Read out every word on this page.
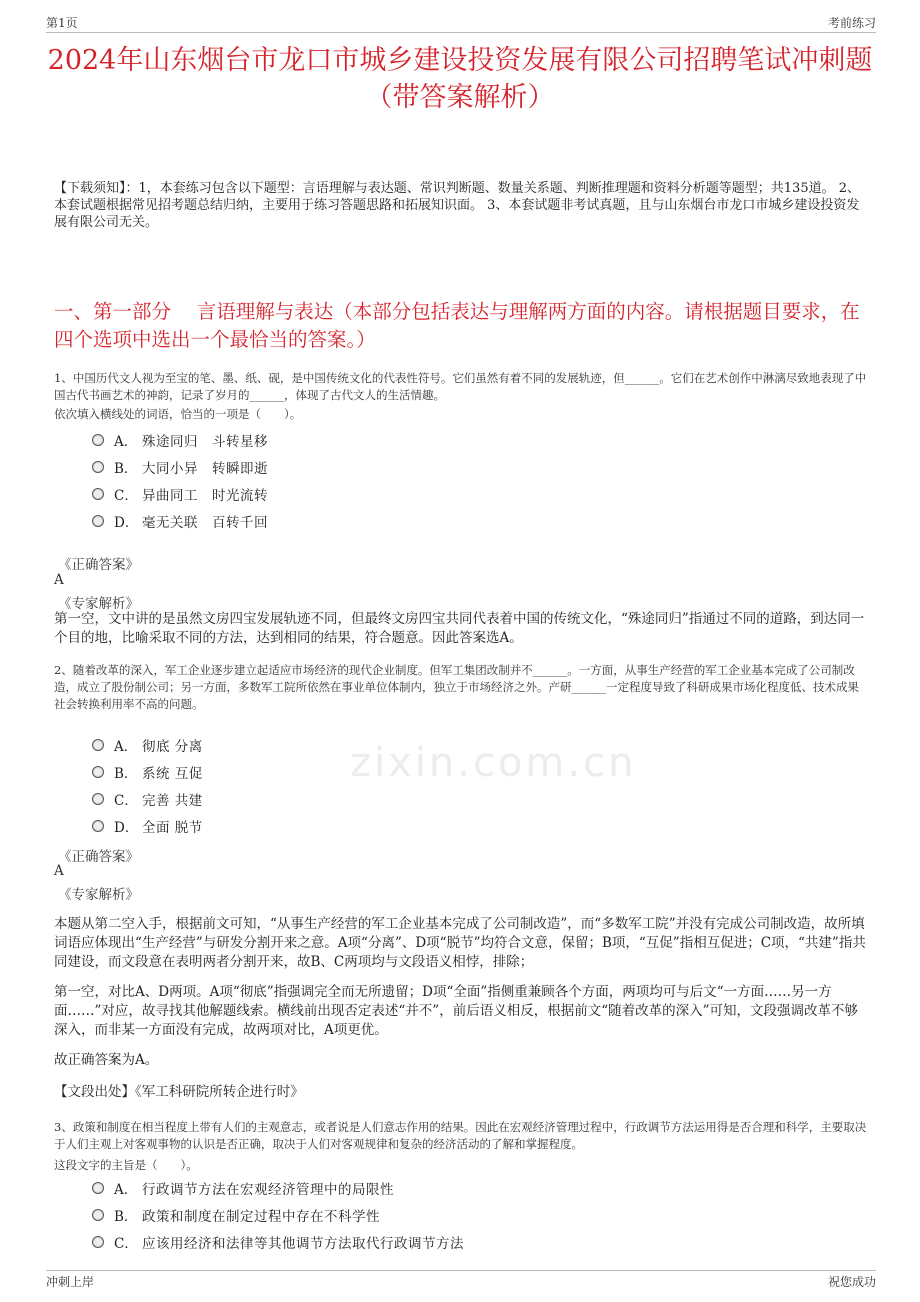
第1页	考前练习
zixin.com.cn
2024年山东烟台市龙口市城乡建设投资发展有限公司招聘笔试冲刺题（带答案解析）
【下载须知】：1，本套练习包含以下题型：言语理解与表达题、常识判断题、数量关系题、判断推理题和资料分析题等题型；共135道。 2、本套试题根据常见招考题总结归纳，主要用于练习答题思路和拓展知识面。 3、本套试题非考试真题，且与山东烟台市龙口市城乡建设投资发展有限公司无关。
一、第一部分　 言语理解与表达（本部分包括表达与理解两方面的内容。请根据题目要求，在四个选项中选出一个最恰当的答案。）
1、中国历代文人视为至宝的笔、墨、纸、砚，是中国传统文化的代表性符号。它们虽然有着不同的发展轨迹，但______。它们在艺术创作中淋漓尽致地表现了中国古代书画艺术的神韵，记录了岁月的______，体现了古代文人的生活情趣。
依次填入横线处的词语，恰当的一项是（　　）。
A． 殊途同归　斗转星移
B． 大同小异　转瞬即逝
C． 异曲同工　时光流转
D． 毫无关联　百转千回
《正确答案》
A
《专家解析》
第一空，文中讲的是虽然文房四宝发展轨迹不同，但最终文房四宝共同代表着中国的传统文化，“殊途同归”指通过不同的道路，到达同一个目的地，比喻采取不同的方法，达到相同的结果，符合题意。因此答案选A。
2、随着改革的深入，军工企业逐步建立起适应市场经济的现代企业制度。但军工集团改制并不______。一方面，从事生产经营的军工企业基本完成了公司制改造，成立了股份制公司；另一方面，多数军工院所依然在事业单位体制内，独立于市场经济之外。产研______一定程度导致了科研成果市场化程度低、技术成果社会转换利用率不高的问题。
A． 彻底 分离
B． 系统 互促
C． 完善 共建
D． 全面 脱节
《正确答案》
A
《专家解析》
本题从第二空入手，根据前文可知，“从事生产经营的军工企业基本完成了公司制改造”，而“多数军工院”并没有完成公司制改造，故所填词语应体现出“生产经营”与研发分割开来之意。A项“分离”、D项“脱节”均符合文意，保留；B项，“互促”指相互促进；C项，“共建”指共同建设，而文段意在表明两者分割开来，故B、C两项均与文段语义相悖，排除；
第一空，对比A、D两项。A项“彻底”指强调完全而无所遗留；D项“全面”指侧重兼顾各个方面，两项均可与后文“一方面……另一方面……”对应，故寻找其他解题线索。横线前出现否定表述“并不”，前后语义相反，根据前文“随着改革的深入”可知，文段强调改革不够深入，而非某一方面没有完成，故两项对比，A项更优。
故正确答案为A。
【文段出处】《军工科研院所转企进行时》
3、政策和制度在相当程度上带有人们的主观意志，或者说是人们意志作用的结果。因此在宏观经济管理过程中，行政调节方法运用得是否合理和科学，主要取决于人们主观上对客观事物的认识是否正确，取决于人们对客观规律和复杂的经济活动的了解和掌握程度。
这段文字的主旨是（　　）。
A． 行政调节方法在宏观经济管理中的局限性
B． 政策和制度在制定过程中存在不科学性
C． 应该用经济和法律等其他调节方法取代行政调节方法
冲刺上岸	祝您成功
